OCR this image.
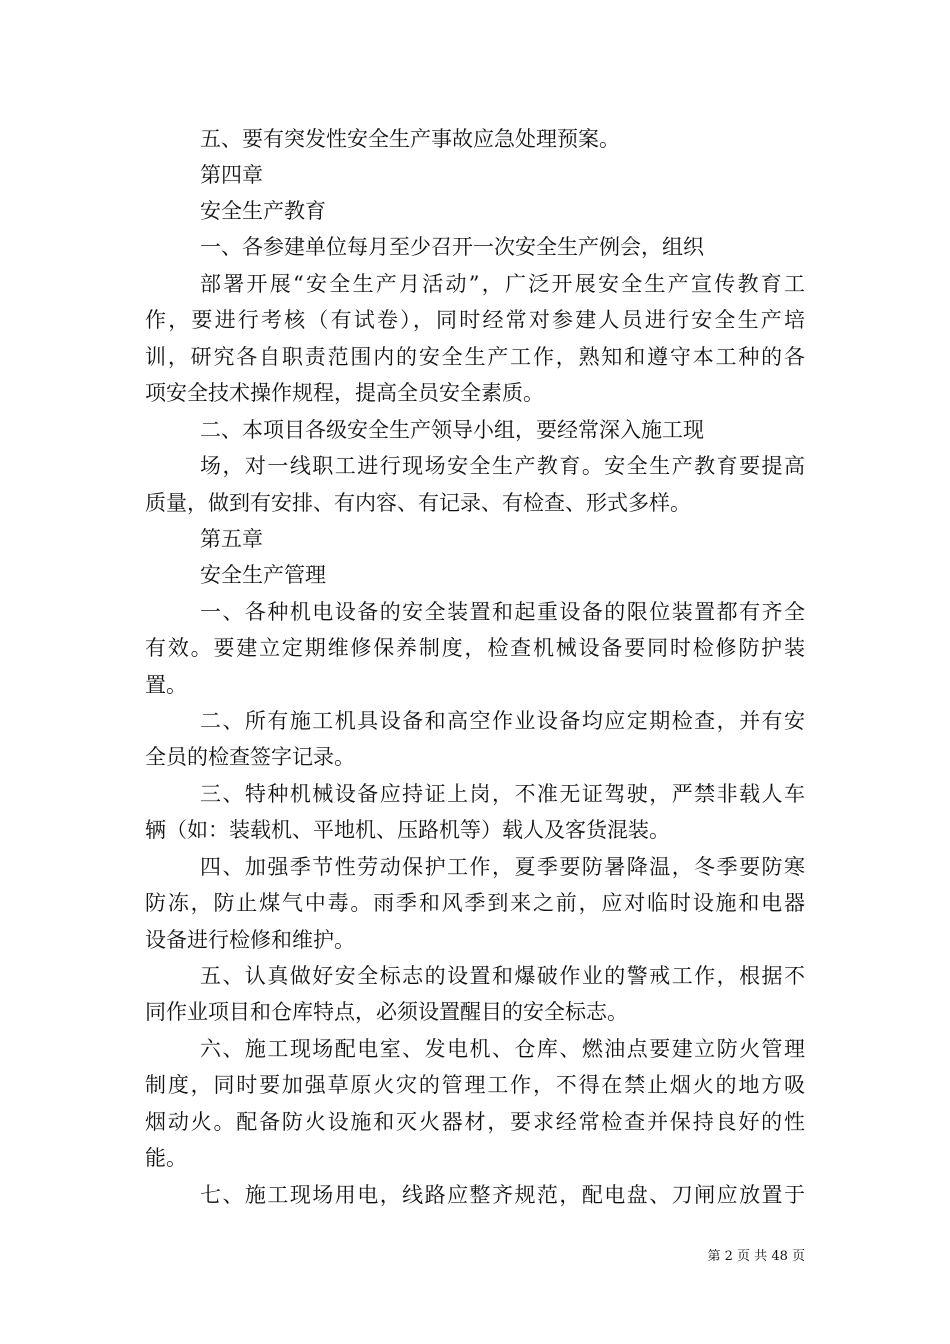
五、要有突发性安全生产事故应急处理预案。
第四章
安全生产教育
一、各参建单位每月至少召开一次安全生产例会，组织
部署开展“安全生产月活动”，广泛开展安全生产宣传教育工
作，要进行考核（有试卷），同时经常对参建人员进行安全生产培
训，研究各自职责范围内的安全生产工作，熟知和遵守本工种的各
项安全技术操作规程，提高全员安全素质。
二、本项目各级安全生产领导小组，要经常深入施工现
场，对一线职工进行现场安全生产教育。安全生产教育要提高
质量，做到有安排、有内容、有记录、有检查、形式多样。
第五章
安全生产管理
一、各种机电设备的安全装置和起重设备的限位装置都有齐全
有效。要建立定期维修保养制度，检查机械设备要同时检修防护装
置。
二、所有施工机具设备和高空作业设备均应定期检查，并有安
全员的检查签字记录。
三、特种机械设备应持证上岗，不准无证驾驶，严禁非载人车
辆（如：装载机、平地机、压路机等）载人及客货混装。
四、加强季节性劳动保护工作，夏季要防暑降温，冬季要防寒
防冻，防止煤气中毒。雨季和风季到来之前，应对临时设施和电器
设备进行检修和维护。
五、认真做好安全标志的设置和爆破作业的警戒工作，根据不
同作业项目和仓库特点，必须设置醒目的安全标志。
六、施工现场配电室、发电机、仓库、燃油点要建立防火管理
制度，同时要加强草原火灾的管理工作，不得在禁止烟火的地方吸
烟动火。配备防火设施和灭火器材，要求经常检查并保持良好的性
能。
七、施工现场用电，线路应整齐规范，配电盘、刀闸应放置于
第 2 页 共 48 页
